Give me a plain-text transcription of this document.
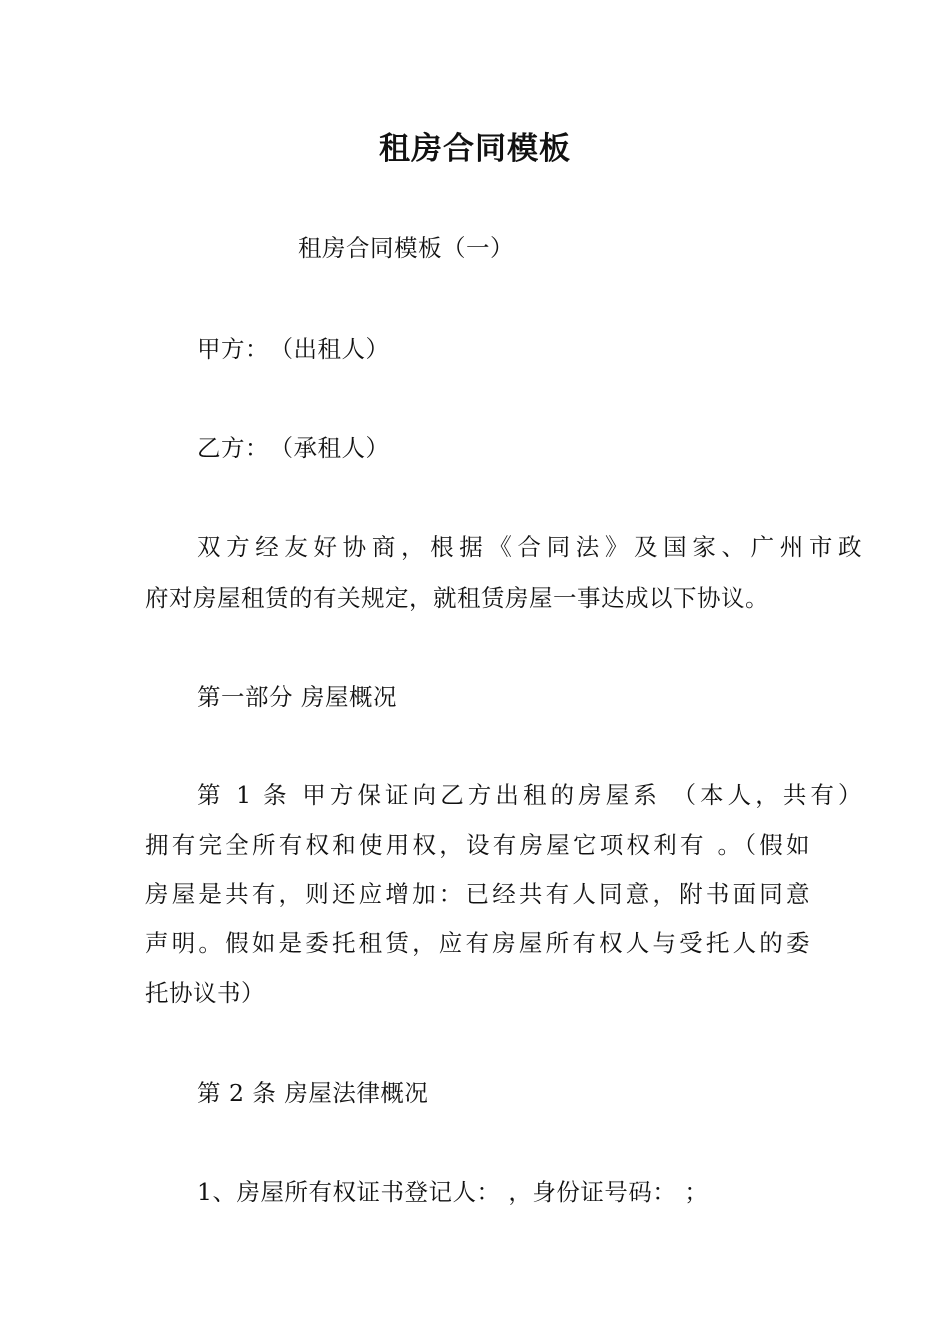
租房合同模板
租房合同模板（一）
甲方：　（出租人）
乙方：　（承租人）
双方经友好协商，根据《合同法》及国家、广州市政
府对房屋租赁的有关规定，就租赁房屋一事达成以下协议。
第一部分 房屋概况
第 1 条 甲方保证向乙方出租的房屋系 （本人，共有）
拥有完全所有权和使用权，设有房屋它项权利有 。（假如
房屋是共有，则还应增加：已经共有人同意，附书面同意
声明。假如是委托租赁，应有房屋所有权人与受托人的委
托协议书）
第 2 条 房屋法律概况
1、房屋所有权证书登记人： ，身份证号码： ；
